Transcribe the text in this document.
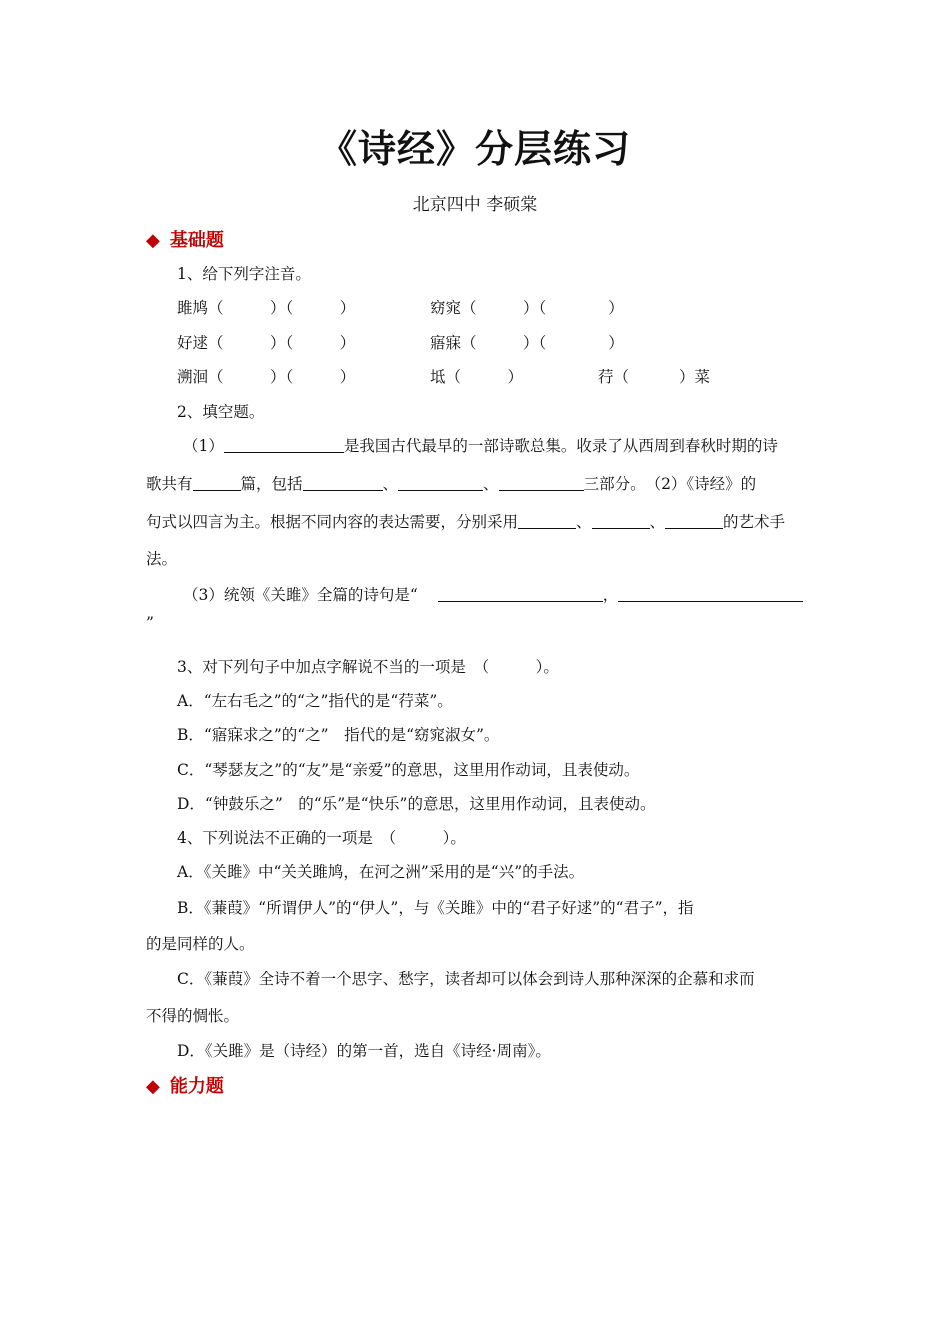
《诗经》分层练习
北京四中 李硕棠
◆ 基础题
1、给下列字注音。
雎鸠（　　　）（　　　）	窈窕（　　　）（　　　　）
好逑（　　　）（　　　）	寤寐（　　　）（　　　　）
溯洄（　　　）（　　　）	坻（　　　）	荇（	）菜
2、填空题。
（1）	是我国古代最早的一部诗歌总集。收录了从西周到春秋时期的诗
歌共有	篇，包括	、	、	三部分。　（2）《诗经》的
句式以四言为主。根据不同内容的表达需要，分别采用	、	、	的艺术手
法。
（3）统领《关雎》全篇的诗句是“	，
”
3、对下列句子中加点字解说不当的一项是　（　　　）。
A．“左右毛之”的“之”指代的是“荇菜”。
B．“寤寐求之”的“之”　指代的是“窈窕淑女”。
C．“琴瑟友之”的“友”是“亲爱”的意思，这里用作动词，且表使动。
D．“钟鼓乐之”　的“乐”是“快乐”的意思，这里用作动词，且表使动。
4、下列说法不正确的一项是　（　　　）。
A．《关雎》中“关关雎鸠，在河之洲”采用的是“兴”的手法。
B．《蒹葭》“所谓伊人”的“伊人”，与《关雎》中的“君子好逑”的“君子”，指
的是同样的人。
C．《蒹葭》全诗不着一个思字、愁字，读者却可以体会到诗人那种深深的企慕和求而
不得的惆怅。
D．《关雎》是（诗经）的第一首，选自《诗经·周南》。
◆ 能力题
